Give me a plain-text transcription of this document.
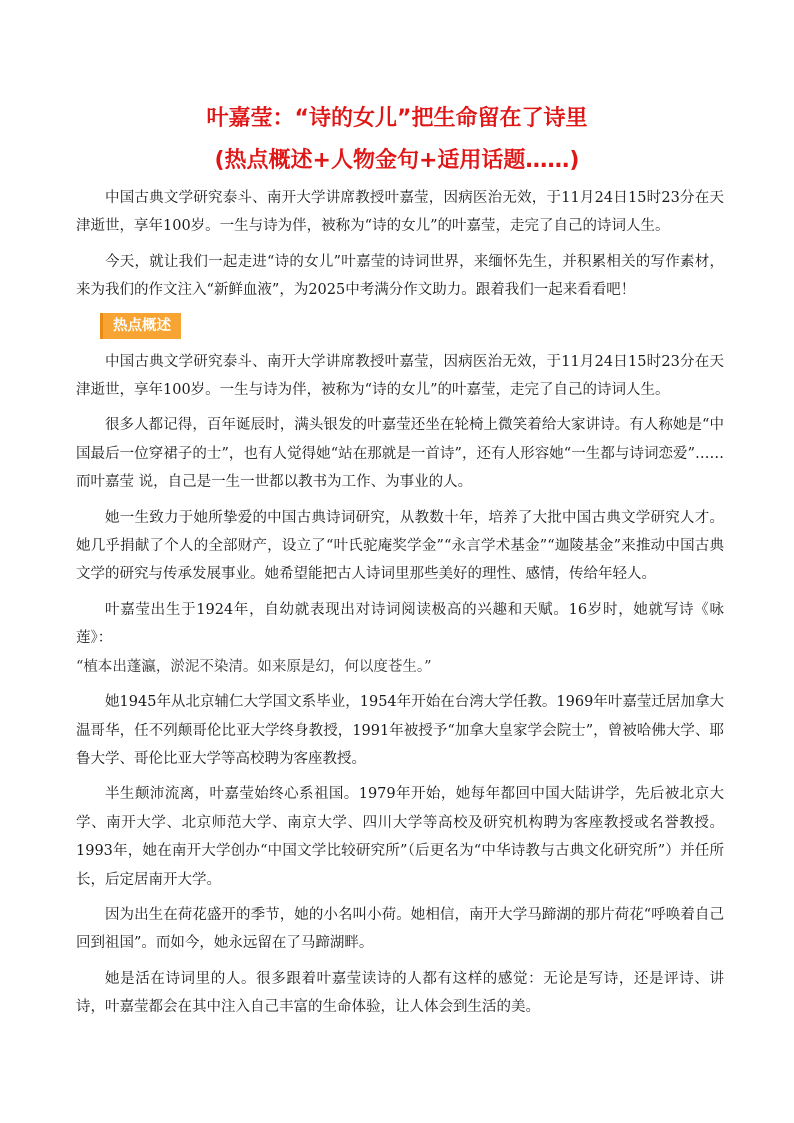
叶嘉莹：“诗的女儿”把生命留在了诗里
(热点概述+人物金句+适用话题……)

中国古典文学研究泰斗、南开大学讲席教授叶嘉莹，因病医治无效，于11月24日15时23分在天津逝世，享年100岁。一生与诗为伴，被称为“诗的女儿”的叶嘉莹，走完了自己的诗词人生。

今天，就让我们一起走进“诗的女儿”叶嘉莹的诗词世界，来缅怀先生，并积累相关的写作素材，来为我们的作文注入“新鲜血液”，为2025中考满分作文助力。跟着我们一起来看看吧！

热点概述

中国古典文学研究泰斗、南开大学讲席教授叶嘉莹，因病医治无效，于11月24日15时23分在天津逝世，享年100岁。一生与诗为伴，被称为“诗的女儿”的叶嘉莹，走完了自己的诗词人生。

很多人都记得，百年诞辰时，满头银发的叶嘉莹还坐在轮椅上微笑着给大家讲诗。有人称她是“中国最后一位穿裙子的士”，也有人觉得她“站在那就是一首诗”，还有人形容她“一生都与诗词恋爱”……而叶嘉莹 说，自己是一生一世都以教书为工作、为事业的人。

她一生致力于她所挚爱的中国古典诗词研究，从教数十年，培养了大批中国古典文学研究人才。她几乎捐献了个人的全部财产，设立了“叶氏驼庵奖学金”“永言学术基金”“迦陵基金”来推动中国古典文学的研究与传承发展事业。她希望能把古人诗词里那些美好的理性、感情，传给年轻人。

叶嘉莹出生于1924年，自幼就表现出对诗词阅读极高的兴趣和天赋。16岁时，她就写诗《咏莲》：

“植本出蓬瀛，淤泥不染清。如来原是幻，何以度苍生。”

她1945年从北京辅仁大学国文系毕业，1954年开始在台湾大学任教。1969年叶嘉莹迁居加拿大温哥华，任不列颠哥伦比亚大学终身教授，1991年被授予“加拿大皇家学会院士”，曾被哈佛大学、耶鲁大学、哥伦比亚大学等高校聘为客座教授。

半生颠沛流离，叶嘉莹始终心系祖国。1979年开始，她每年都回中国大陆讲学，先后被北京大学、南开大学、北京师范大学、南京大学、四川大学等高校及研究机构聘为客座教授或名誉教授。1993年，她在南开大学创办“中国文学比较研究所”（后更名为“中华诗教与古典文化研究所”）并任所长，后定居南开大学。

因为出生在荷花盛开的季节，她的小名叫小荷。她相信，南开大学马蹄湖的那片荷花“呼唤着自己回到祖国”。而如今，她永远留在了马蹄湖畔。

她是活在诗词里的人。很多跟着叶嘉莹读诗的人都有这样的感觉：无论是写诗，还是评诗、讲诗，叶嘉莹都会在其中注入自己丰富的生命体验，让人体会到生活的美。
